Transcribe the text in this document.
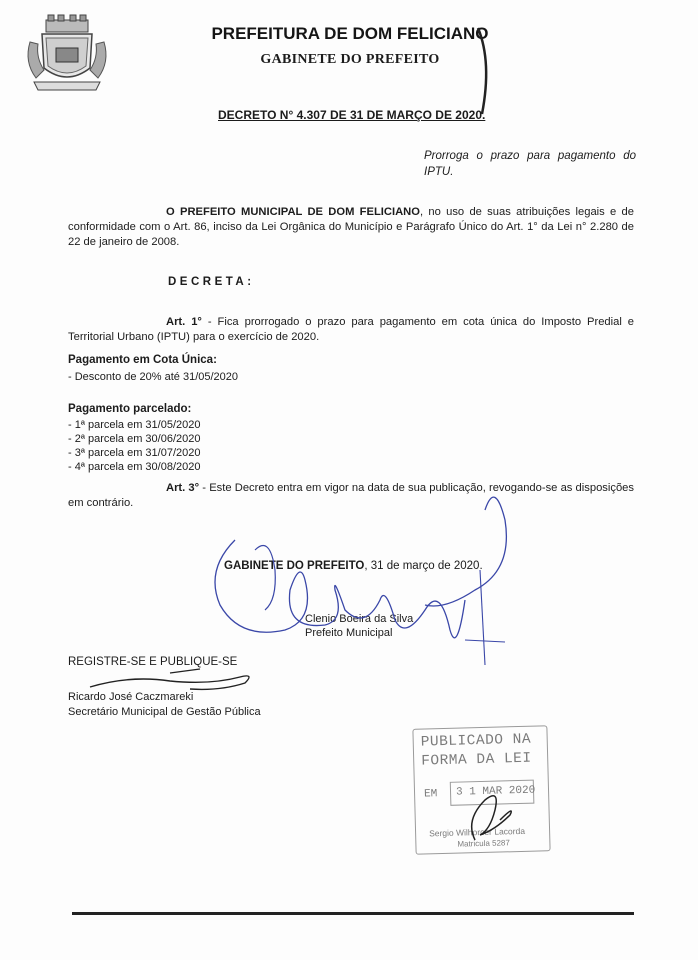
PREFEITURA DE DOM FELICIANO
GABINETE DO PREFEITO
DECRETO N° 4.307 DE 31 DE MARÇO DE 2020.
Prorroga o prazo para pagamento do IPTU.
O PREFEITO MUNICIPAL DE DOM FELICIANO, no uso de suas atribuições legais e de conformidade com o Art. 86, inciso da Lei Orgânica do Município e Parágrafo Único do Art. 1° da Lei n° 2.280 de 22 de janeiro de 2008.
DECRETA:
Art. 1° - Fica prorrogado o prazo para pagamento em cota única do Imposto Predial e Territorial Urbano (IPTU) para o exercício de 2020.
Pagamento em Cota Única:
- Desconto de 20% até 31/05/2020
Pagamento parcelado:
- 1ª parcela em 31/05/2020
- 2ª parcela em 30/06/2020
- 3ª parcela em 31/07/2020
- 4ª parcela em 30/08/2020
Art. 3° - Este Decreto entra em vigor na data de sua publicação, revogando-se as disposições em contrário.
GABINETE DO PREFEITO, 31 de março de 2020.
Clenio Boeira da Silva
Prefeito Municipal
REGISTRE-SE E PUBLIQUE-SE
Ricardo José Caczmareki
Secretário Municipal de Gestão Pública
PUBLICADO NA
FORMA DA LEI
EM 3 1 MAR 2020
Sergio Wilhorcer Lacorda
Matricula 5287
